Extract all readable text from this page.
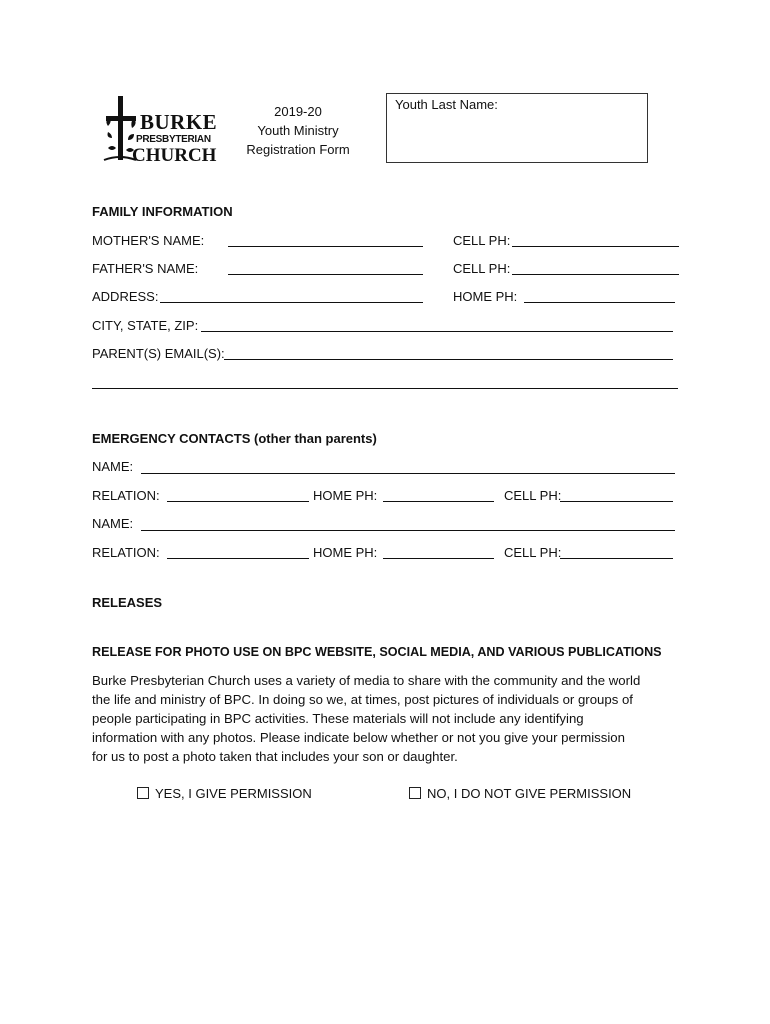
BURKE
PRESBYTERIAN
CHURCH
2019-20
Youth Ministry
Registration Form
Youth Last Name:
FAMILY INFORMATION
MOTHER'S NAME:	CELL PH:
FATHER'S NAME:	CELL PH:
ADDRESS:	HOME PH:
CITY, STATE, ZIP:
PARENT(S) EMAIL(S):
EMERGENCY CONTACTS (other than parents)
NAME:
RELATION:	HOME PH:	CELL PH:
NAME:
RELATION:	HOME PH:	CELL PH:
RELEASES
RELEASE FOR PHOTO USE ON BPC WEBSITE, SOCIAL MEDIA, AND VARIOUS PUBLICATIONS
Burke Presbyterian Church uses a variety of media to share with the community and the world
the life and ministry of BPC. In doing so we, at times, post pictures of individuals or groups of
people participating in BPC activities. These materials will not include any identifying
information with any photos. Please indicate below whether or not you give your permission
for us to post a photo taken that includes your son or daughter.
YES, I GIVE PERMISSION	NO, I DO NOT GIVE PERMISSION
